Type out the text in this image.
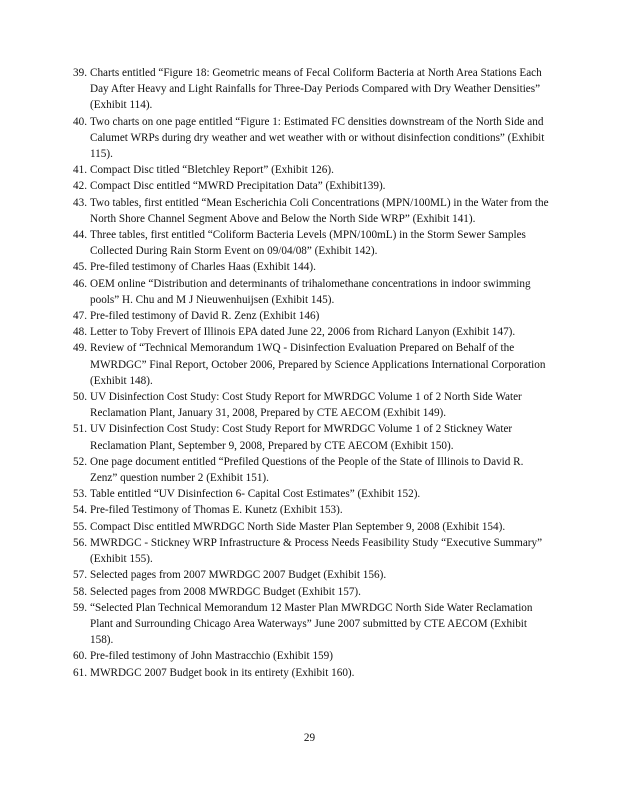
39. Charts entitled “Figure 18: Geometric means of Fecal Coliform Bacteria at North Area Stations Each Day After Heavy and Light Rainfalls for Three-Day Periods Compared with Dry Weather Densities” (Exhibit 114).
40. Two charts on one page entitled “Figure 1: Estimated FC densities downstream of the North Side and Calumet WRPs during dry weather and wet weather with or without disinfection conditions” (Exhibit 115).
41. Compact Disc titled “Bletchley Report” (Exhibit 126).
42. Compact Disc entitled “MWRD Precipitation Data” (Exhibit139).
43. Two tables, first entitled “Mean Escherichia Coli Concentrations (MPN/100ML) in the Water from the North Shore Channel Segment Above and Below the North Side WRP” (Exhibit 141).
44. Three tables, first entitled “Coliform Bacteria Levels (MPN/100mL) in the Storm Sewer Samples Collected During Rain Storm Event on 09/04/08” (Exhibit 142).
45. Pre-filed testimony of Charles Haas (Exhibit 144).
46. OEM online “Distribution and determinants of trihalomethane concentrations in indoor swimming pools” H. Chu and M J Nieuwenhuijsen (Exhibit 145).
47. Pre-filed testimony of David R. Zenz (Exhibit 146)
48. Letter to Toby Frevert of Illinois EPA dated June 22, 2006 from Richard Lanyon (Exhibit 147).
49. Review of “Technical Memorandum 1WQ - Disinfection Evaluation Prepared on Behalf of the MWRDGC” Final Report, October 2006, Prepared by Science Applications International Corporation (Exhibit 148).
50. UV Disinfection Cost Study: Cost Study Report for MWRDGC Volume 1 of 2 North Side Water Reclamation Plant, January 31, 2008, Prepared by CTE AECOM (Exhibit 149).
51. UV Disinfection Cost Study: Cost Study Report for MWRDGC Volume 1 of 2 Stickney Water Reclamation Plant, September 9, 2008, Prepared by CTE AECOM (Exhibit 150).
52. One page document entitled “Prefiled Questions of the People of the State of Illinois to David R. Zenz” question number 2 (Exhibit 151).
53. Table entitled “UV Disinfection 6- Capital Cost Estimates” (Exhibit 152).
54. Pre-filed Testimony of Thomas E. Kunetz (Exhibit 153).
55. Compact Disc entitled MWRDGC North Side Master Plan September 9, 2008 (Exhibit 154).
56. MWRDGC - Stickney WRP Infrastructure & Process Needs Feasibility Study “Executive Summary” (Exhibit 155).
57. Selected pages from 2007 MWRDGC 2007 Budget (Exhibit 156).
58. Selected pages from 2008 MWRDGC Budget (Exhibit 157).
59. “Selected Plan Technical Memorandum 12 Master Plan MWRDGC North Side Water Reclamation Plant and Surrounding Chicago Area Waterways” June 2007 submitted by CTE AECOM (Exhibit 158).
60. Pre-filed testimony of John Mastracchio (Exhibit 159)
61. MWRDGC 2007 Budget book in its entirety (Exhibit 160).
29
